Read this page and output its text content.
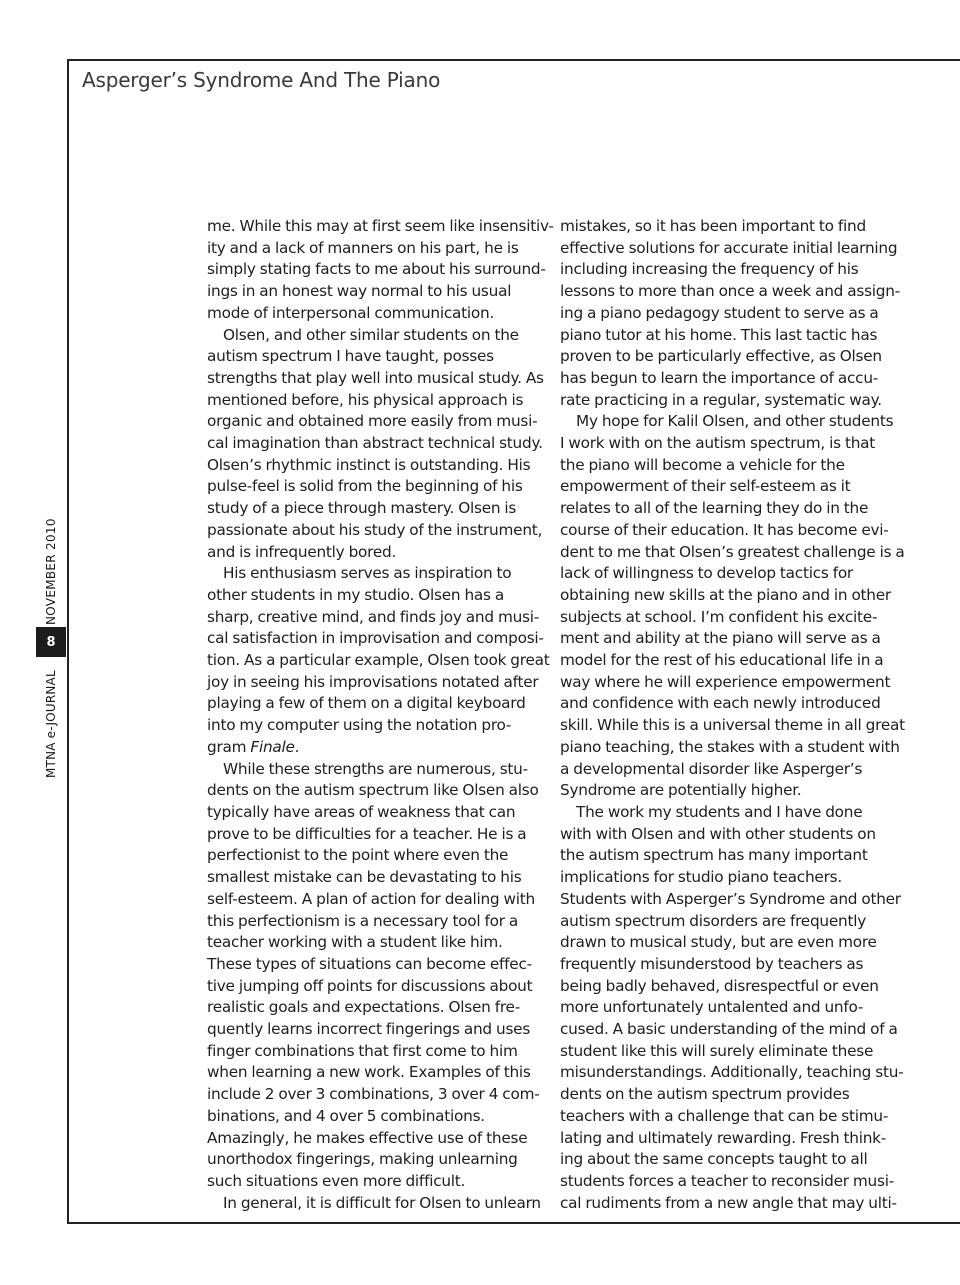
Asperger’s Syndrome And The Piano
NOVEMBER 2010
8
MTNA e-JOURNAL

me. While this may at first seem like insensitiv-
ity and a lack of manners on his part, he is
simply stating facts to me about his surround-
ings in an honest way normal to his usual
mode of interpersonal communication.

Olsen, and other similar students on the

autism spectrum I have taught, posses
strengths that play well into musical study. As
mentioned before, his physical approach is
organic and obtained more easily from musi-
cal imagination than abstract technical study.
Olsen’s rhythmic instinct is outstanding. His
pulse-feel is solid from the beginning of his
study of a piece through mastery. Olsen is
passionate about his study of the instrument,
and is infrequently bored.

His enthusiasm serves as inspiration to

other students in my studio. Olsen has a
sharp, creative mind, and finds joy and musi-
cal satisfaction in improvisation and composi-
tion. As a particular example, Olsen took great
joy in seeing his improvisations notated after
playing a few of them on a digital keyboard
into my computer using the notation pro-
gram Finale.

While these strengths are numerous, stu-

dents on the autism spectrum like Olsen also
typically have areas of weakness that can
prove to be difficulties for a teacher. He is a
perfectionist to the point where even the
smallest mistake can be devastating to his
self-esteem. A plan of action for dealing with
this perfectionism is a necessary tool for a
teacher working with a student like him.
These types of situations can become effec-
tive jumping off points for discussions about
realistic goals and expectations. Olsen fre-
quently learns incorrect fingerings and uses
finger combinations that first come to him
when learning a new work. Examples of this
include 2 over 3 combinations, 3 over 4 com-
binations, and 4 over 5 combinations.
Amazingly, he makes effective use of these
unorthodox fingerings, making unlearning
such situations even more difficult.

In general, it is difficult for Olsen to unlearn

mistakes, so it has been important to find
effective solutions for accurate initial learning
including increasing the frequency of his
lessons to more than once a week and assign-
ing a piano pedagogy student to serve as a
piano tutor at his home. This last tactic has
proven to be particularly effective, as Olsen
has begun to learn the importance of accu-
rate practicing in a regular, systematic way.

My hope for Kalil Olsen, and other students

I work with on the autism spectrum, is that
the piano will become a vehicle for the
empowerment of their self-esteem as it
relates to all of the learning they do in the
course of their education. It has become evi-
dent to me that Olsen’s greatest challenge is a
lack of willingness to develop tactics for
obtaining new skills at the piano and in other
subjects at school. I’m confident his excite-
ment and ability at the piano will serve as a
model for the rest of his educational life in a
way where he will experience empowerment
and confidence with each newly introduced
skill. While this is a universal theme in all great
piano teaching, the stakes with a student with
a developmental disorder like Asperger’s
Syndrome are potentially higher.

The work my students and I have done

with with Olsen and with other students on
the autism spectrum has many important
implications for studio piano teachers.
Students with Asperger’s Syndrome and other
autism spectrum disorders are frequently
drawn to musical study, but are even more
frequently misunderstood by teachers as
being badly behaved, disrespectful or even
more unfortunately untalented and unfo-
cused. A basic understanding of the mind of a
student like this will surely eliminate these
misunderstandings. Additionally, teaching stu-
dents on the autism spectrum provides
teachers with a challenge that can be stimu-
lating and ultimately rewarding. Fresh think-
ing about the same concepts taught to all
students forces a teacher to reconsider musi-
cal rudiments from a new angle that may ulti-
